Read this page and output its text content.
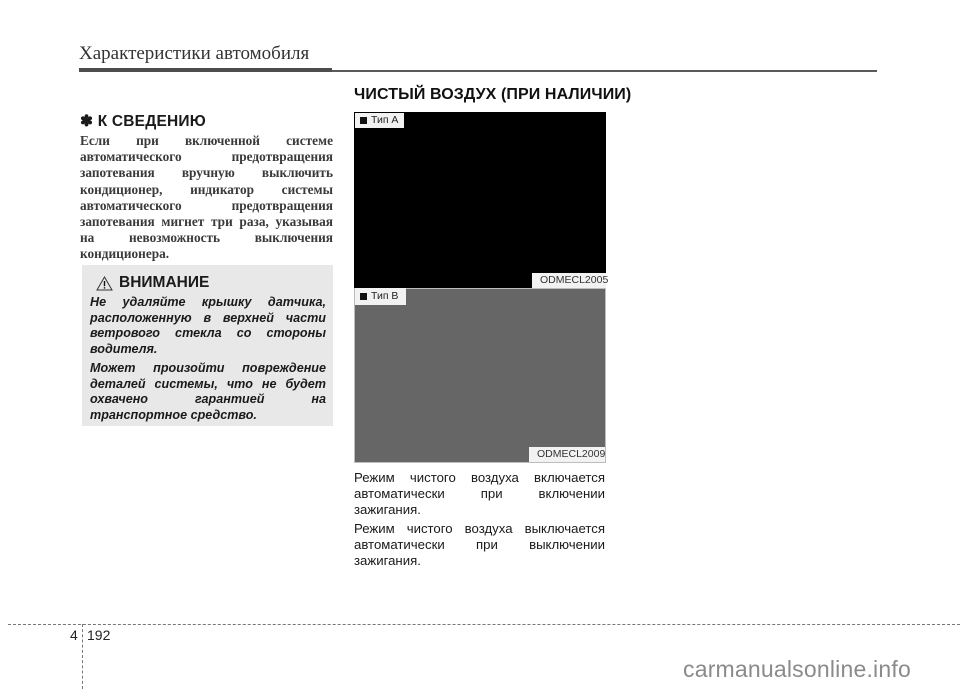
Характеристики автомобиля
✽ К СВЕДЕНИЮ
Если при включенной системе автоматического предотвращения запотевания вручную выключить кондиционер, индикатор системы автоматического предотвращения запотевания мигнет три раза, указывая на невозможность выключения кондиционера.
ВНИМАНИЕ

Не удаляйте крышку датчика, расположенную в верхней части ветрового стекла со стороны водителя.

Может произойти повреждение деталей системы, что не будет охвачено гарантией на транспортное средство.

ЧИСТЫЙ ВОЗДУХ (ПРИ НАЛИЧИИ)
Тип A
ODMECL2005
Тип B
ODMECL2009

Режим чистого воздуха включается автоматически при включении зажигания.

Режим чистого воздуха выключается автоматически при выключении зажигания.

4 192
carmanualsonline.info
